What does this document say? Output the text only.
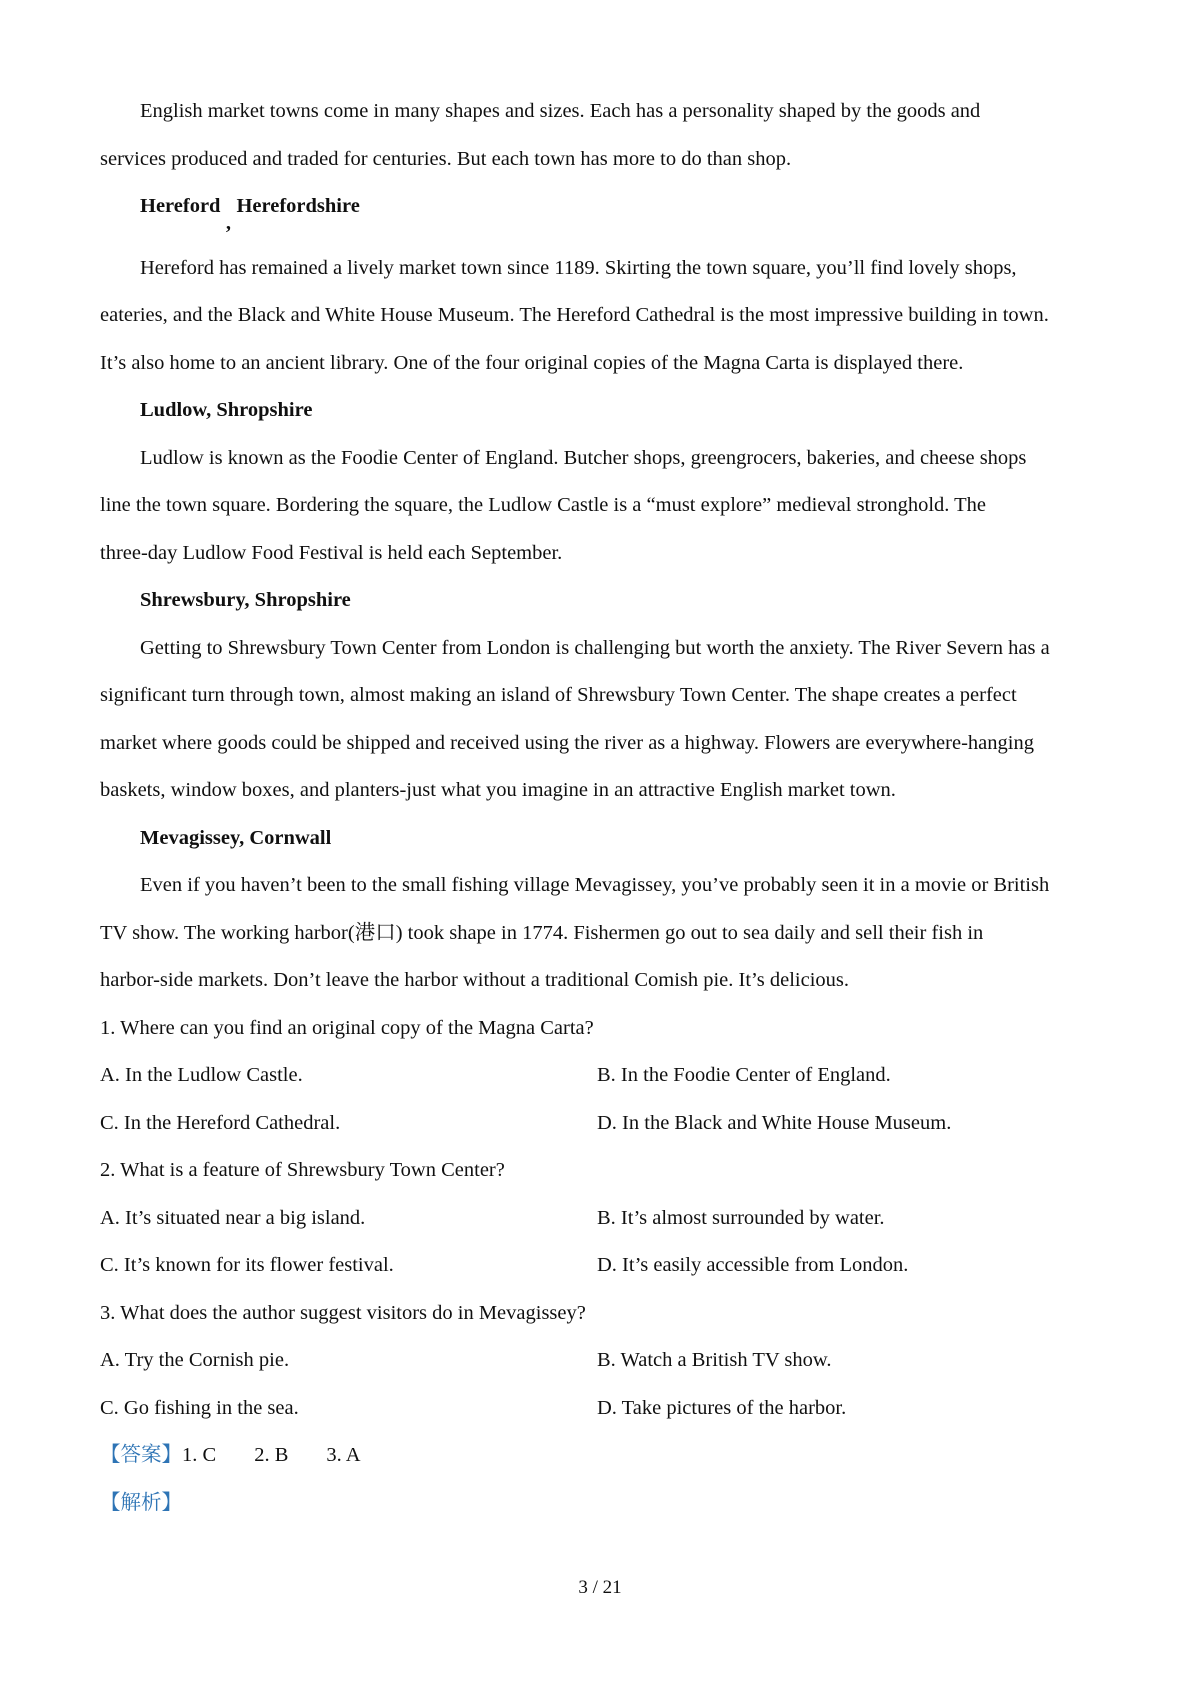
English market towns come in many shapes and sizes. Each has a personality shaped by the goods and
services produced and traded for centuries. But each town has more to do than shop.
Hereford,Herefordshire
Hereford has remained a lively market town since 1189. Skirting the town square, you’ll find lovely shops,
eateries, and the Black and White House Museum. The Hereford Cathedral is the most impressive building in town.
It’s also home to an ancient library. One of the four original copies of the Magna Carta is displayed there.
Ludlow, Shropshire
Ludlow is known as the Foodie Center of England. Butcher shops, greengrocers, bakeries, and cheese shops
line the town square. Bordering the square, the Ludlow Castle is a “must explore” medieval stronghold. The
three-day Ludlow Food Festival is held each September.
Shrewsbury, Shropshire
Getting to Shrewsbury Town Center from London is challenging but worth the anxiety. The River Severn has a
significant turn through town, almost making an island of Shrewsbury Town Center. The shape creates a perfect
market where goods could be shipped and received using the river as a highway. Flowers are everywhere-hanging
baskets, window boxes, and planters-just what you imagine in an attractive English market town.
Mevagissey, Cornwall
Even if you haven’t been to the small fishing village Mevagissey, you’ve probably seen it in a movie or British
TV show. The working harbor(港口) took shape in 1774. Fishermen go out to sea daily and sell their fish in
harbor-side markets. Don’t leave the harbor without a traditional Comish pie. It’s delicious.
1. Where can you find an original copy of the Magna Carta?
A. In the Ludlow Castle.	B. In the Foodie Center of England.
C. In the Hereford Cathedral.	D. In the Black and White House Museum.
2. What is a feature of Shrewsbury Town Center?
A. It’s situated near a big island.	B. It’s almost surrounded by water.
C. It’s known for its flower festival.	D. It’s easily accessible from London.
3. What does the author suggest visitors do in Mevagissey?
A. Try the Cornish pie.	B. Watch a British TV show.
C. Go fishing in the sea.	D. Take pictures of the harbor.
【答案】1. C 2. B 3. A
【解析】
3 / 21
